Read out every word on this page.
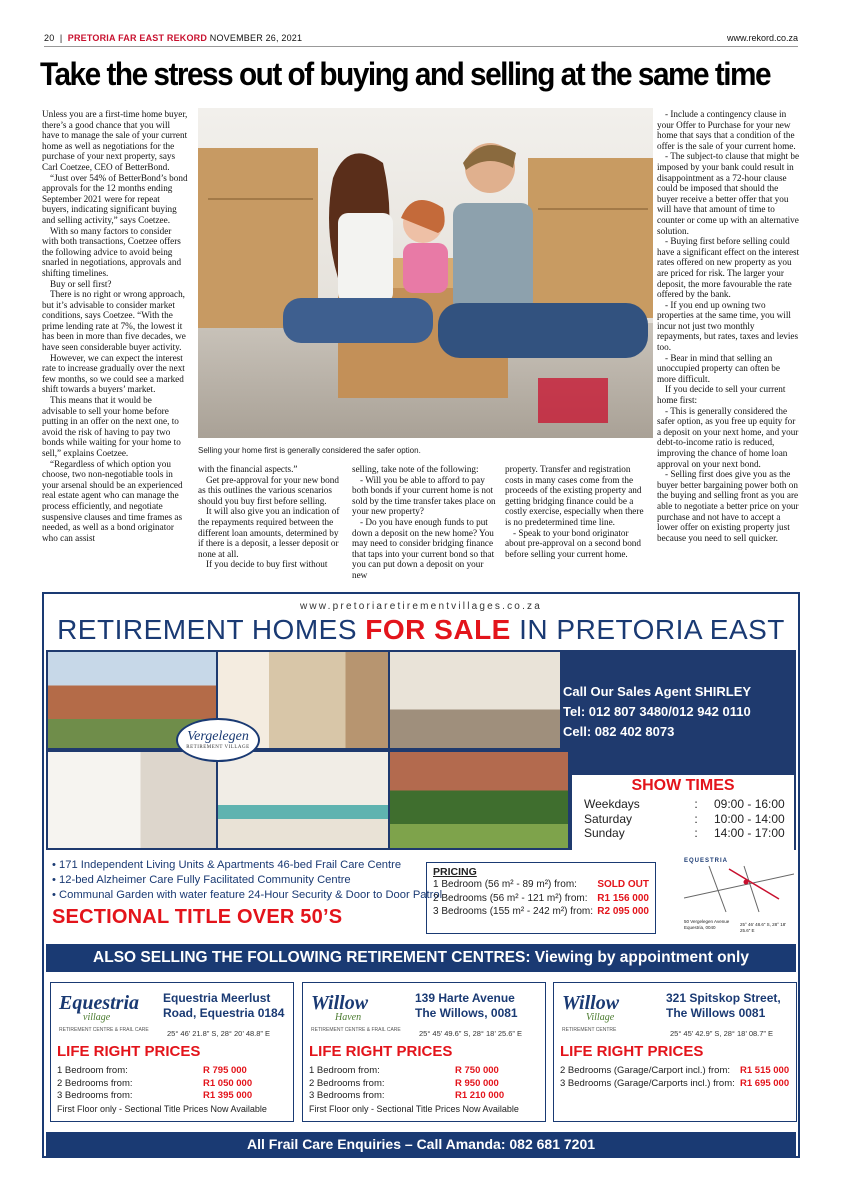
20  |  PRETORIA FAR EAST REKORD NOVEMBER 26, 2021	www.rekord.co.za
Take the stress out of buying and selling at the same time

Unless you are a first-time home buyer, there’s a good chance that you will have to manage the sale of your current home as well as negotiations for the purchase of your next property, says Carl Coetzee, CEO of BetterBond.

“Just over 54% of BetterBond’s bond approvals for the 12 months ending September 2021 were for repeat buyers, indicating significant buying and selling activity,” says Coetzee.

With so many factors to consider with both transactions, Coetzee offers the following advice to avoid being snarled in negotiations, approvals and shifting timelines.

Buy or sell first?

There is no right or wrong approach, but it’s advisable to consider market conditions, says Coetzee. “With the prime lending rate at 7%, the lowest it has been in more than five decades, we have seen considerable buyer activity.

However, we can expect the interest rate to increase gradually over the next few months, so we could see a marked shift towards a buyers’ market.

This means that it would be advisable to sell your home before putting in an offer on the next one, to avoid the risk of having to pay two bonds while waiting for your home to sell,” explains Coetzee.

“Regardless of which option you choose, two non-negotiable tools in your arsenal should be an experienced real estate agent who can manage the process efficiently, and negotiate suspensive clauses and time frames as needed, as well as a bond originator who can assist

Selling your home first is generally considered the safer option.

with the financial aspects.”

Get pre-approval for your new bond as this outlines the various scenarios should you buy first before selling.

It will also give you an indication of the repayments required between the different loan amounts, determined by if there is a deposit, a lesser deposit or none at all.

If you decide to buy first without

selling, take note of the following:

- Will you be able to afford to pay both bonds if your current home is not sold by the time transfer takes place on your new property?

- Do you have enough funds to put down a deposit on the new home? You may need to consider bridging finance that taps into your current bond so that you can put down a deposit on your new

property. Transfer and registration costs in many cases come from the proceeds of the existing property and getting bridging finance could be a costly exercise, especially when there is no predetermined time line.

- Speak to your bond originator about pre-approval on a second bond before selling your current home.

- Include a contingency clause in your Offer to Purchase for your new home that says that a condition of the offer is the sale of your current home.

- The subject-to clause that might be imposed by your bank could result in disappointment as a 72-hour clause could be imposed that should the buyer receive a better offer that you will have that amount of time to counter or come up with an alternative solution.

- Buying first before selling could have a significant effect on the interest rates offered on new property as you are priced for risk. The larger your deposit, the more favourable the rate offered by the bank.

- If you end up owning two properties at the same time, you will incur not just two monthly repayments, but rates, taxes and levies too.

- Bear in mind that selling an unoccupied property can often be more difficult.

If you decide to sell your current home first:

- This is generally considered the safer option, as you free up equity for a deposit on your next home, and your debt-to-income ratio is reduced, improving the chance of home loan approval on your next bond.

- Selling first does give you as the buyer better bargaining power both on the buying and selling front as you are able to negotiate a better price on your purchase and not have to accept a lower offer on existing property just because you need to sell quicker.

www.pretoriaretirementvillages.co.za
RETIREMENT HOMES FOR SALE IN PRETORIA EAST
Vergelegen
RETIREMENT VILLAGE
Call Our Sales Agent SHIRLEY
Tel: 012 807 3480/012 942 0110
Cell: 082 402 8073
SHOW TIMES
Weekdays	:	09:00 - 16:00
Saturday	:	10:00 - 14:00
Sunday	:	14:00 - 17:00
• 171 Independent Living Units & Apartments 46-bed Frail Care Centre
• 12-bed Alzheimer Care Fully Facilitated Community Centre
• Communal Garden with water feature 24-Hour Security & Door to Door Patrol
SECTIONAL TITLE OVER 50’S
PRICING
1 Bedroom (56 m² - 89 m²) from: SOLD OUT
2 Bedrooms (56 m² - 121 m²) from: R1 156 000
3 Bedrooms (155 m² - 242 m²) from: R2 095 000
EQUESTRIA
50 Vergelegen Avenue Equestria, 0040
25° 46’ 48.6” S, 28° 18’ 25.6” E
ALSO SELLING THE FOLLOWING RETIREMENT CENTRES: Viewing by appointment only
Equestria
village
RETIREMENT CENTRE & FRAIL CARE
Equestria Meerlust
Road, Equestria 0184
25° 46’ 21.8” S, 28° 20’ 48.8” E
LIFE RIGHT PRICES
1 Bedroom from:	R 795 000
2 Bedrooms from:	R1 050 000
3 Bedrooms from:	R1 395 000
First Floor only - Sectional Title Prices Now Available
Willow
Haven
RETIREMENT CENTRE & FRAIL CARE
139 Harte Avenue
The Willows, 0081
25° 45’ 49.6” S, 28° 18’ 25.6” E
LIFE RIGHT PRICES
1 Bedroom from:	R 750 000
2 Bedrooms from:	R 950 000
3 Bedrooms from:	R1 210 000
First Floor only - Sectional Title Prices Now Available
Willow
Village
RETIREMENT CENTRE
321 Spitskop Street,
The Willows 0081
25° 45’ 42.9” S, 28° 18’ 08.7” E
LIFE RIGHT PRICES
2 Bedrooms (Garage/Carport incl.) from: R1 515 000
3 Bedrooms (Garage/Carports incl.) from: R1 695 000
All Frail Care Enquiries – Call Amanda: 082 681 7201
